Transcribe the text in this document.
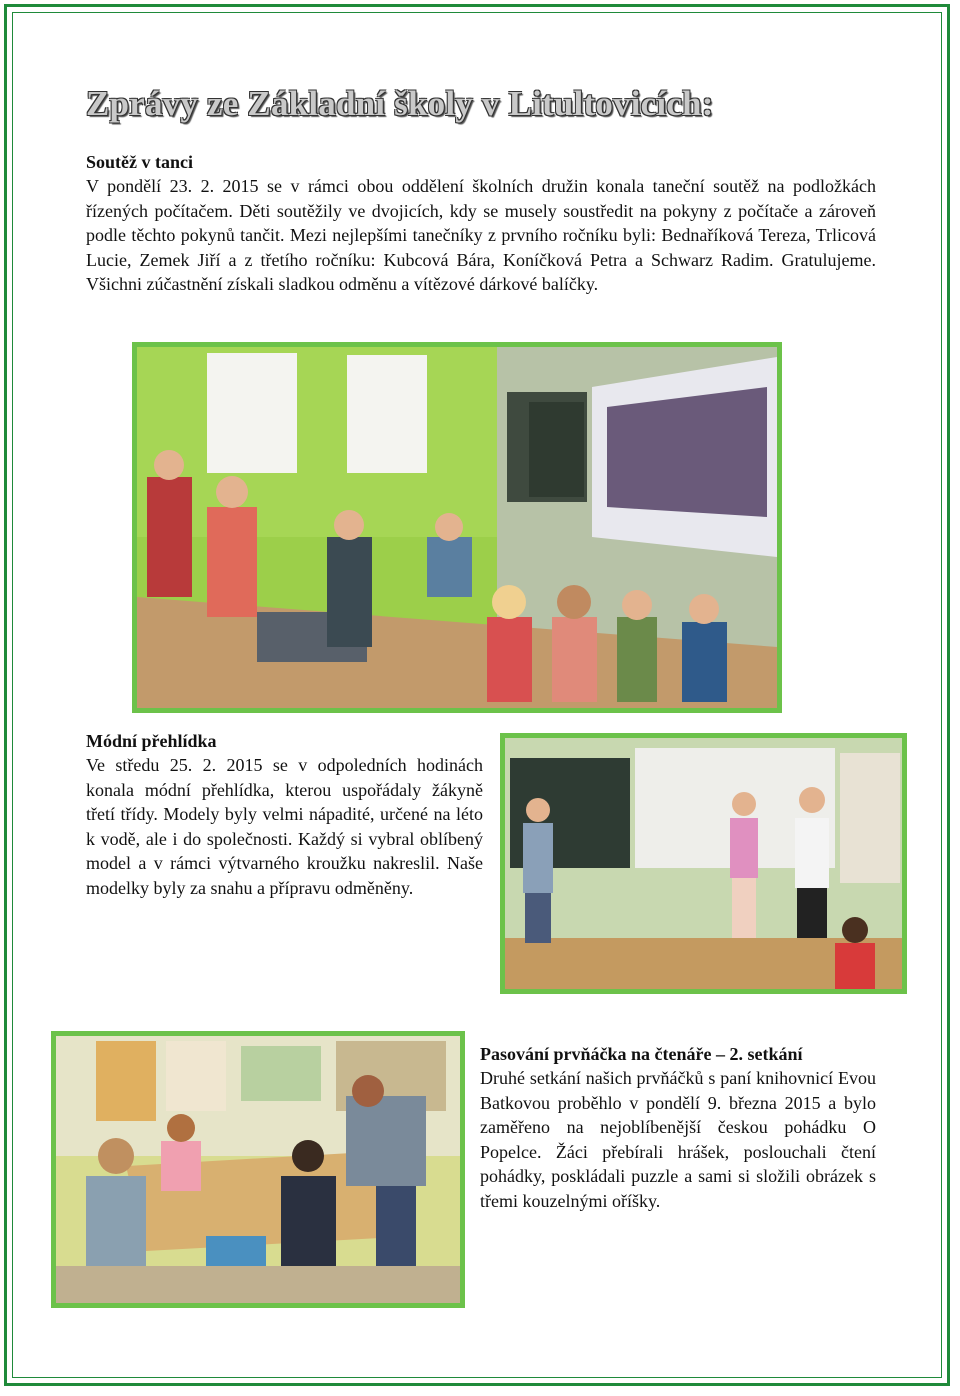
Zprávy ze Základní školy v Litultovicích:
Soutěž v tanci

V pondělí 23. 2. 2015 se v rámci obou oddělení školních družin konala taneční soutěž na podložkách řízených počítačem. Děti soutěžily ve dvojicích, kdy se musely soustředit na pokyny z počítače a zároveň podle těchto pokynů tančit. Mezi nejlepšími tanečníky z prvního ročníku byli: Bednaříková Tereza, Trlicová Lucie, Zemek Jiří a z třetího ročníku: Kubcová Bára, Koníčková Petra a Schwarz Radim. Gratulujeme. Všichni zúčastnění získali sladkou odměnu a vítězové dárkové balíčky.

Módní přehlídka

Ve středu 25. 2. 2015 se v odpoledních hodinách konala módní přehlídka, kterou uspořádaly žákyně třetí třídy. Modely byly velmi nápadité, určené na léto k vodě, ale i do společnosti. Každý si vybral oblíbený model a v rámci výtvarného kroužku nakreslil. Naše modelky byly za snahu a přípravu odměněny.

Pasování prvňáčka na čtenáře – 2. setkání

Druhé setkání našich prvňáčků s paní knihovnicí Evou Batkovou proběhlo v pondělí 9. března 2015 a bylo zaměřeno na nejoblíbenější českou pohádku O Popelce. Žáci přebírali hrášek, poslouchali čtení pohádky, poskládali puzzle a sami si složili obrázek s třemi kouzelnými oříšky.
